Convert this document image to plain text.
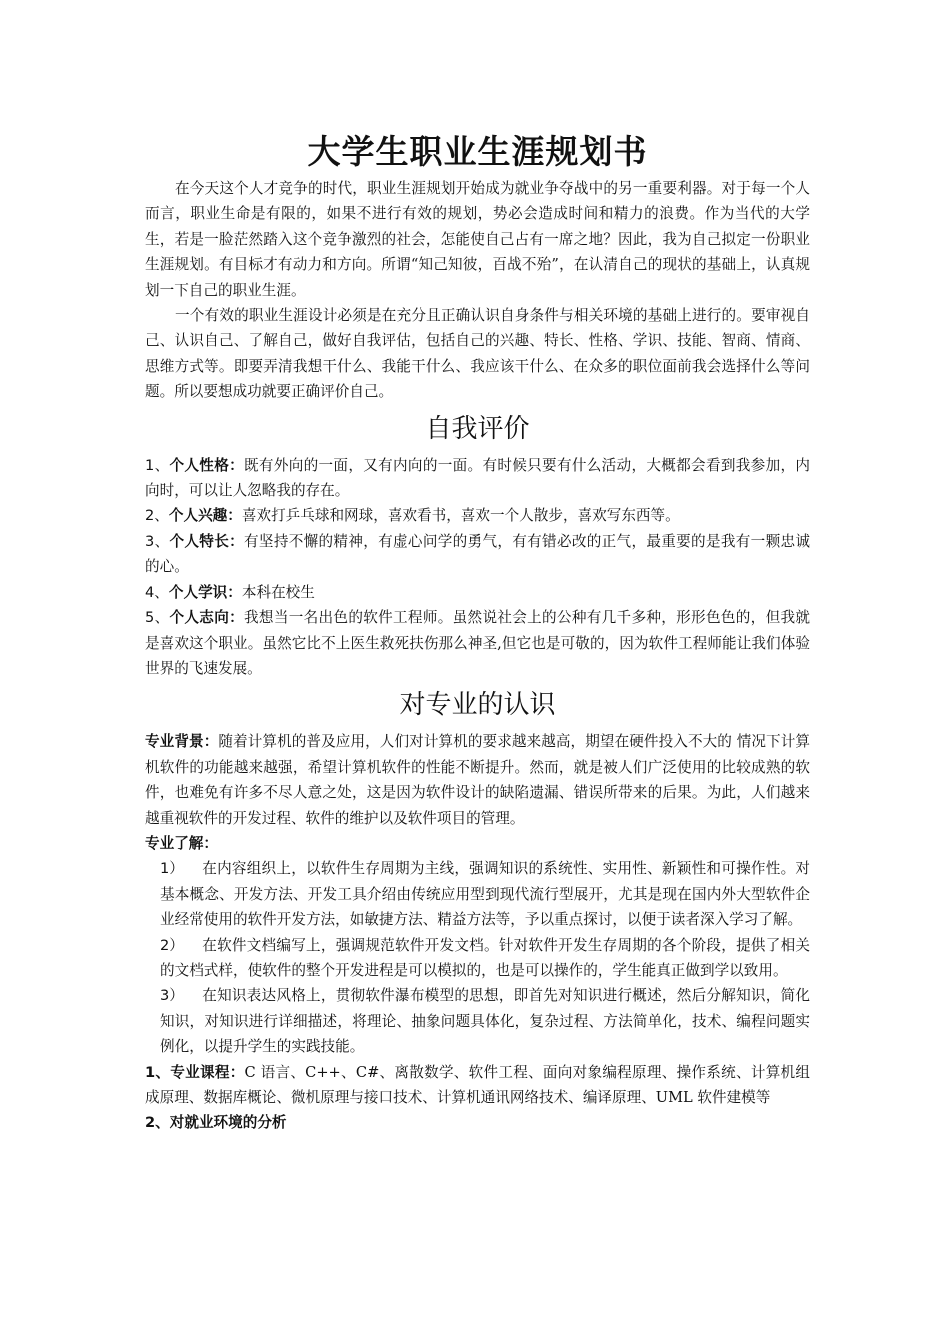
大学生职业生涯规划书

在今天这个人才竞争的时代，职业生涯规划开始成为就业争夺战中的另一重要利器。对于每一个人而言，职业生命是有限的，如果不进行有效的规划，势必会造成时间和精力的浪费。作为当代的大学生，若是一脸茫然踏入这个竞争激烈的社会，怎能使自己占有一席之地？因此，我为自己拟定一份职业生涯规划。有目标才有动力和方向。所谓“知己知彼，百战不殆”，在认清自己的现状的基础上，认真规划一下自己的职业生涯。

一个有效的职业生涯设计必须是在充分且正确认识自身条件与相关环境的基础上进行的。要审视自己、认识自己、了解自己，做好自我评估，包括自己的兴趣、特长、性格、学识、技能、智商、情商、思维方式等。即要弄清我想干什么、我能干什么、我应该干什么、在众多的职位面前我会选择什么等问题。所以要想成功就要正确评价自己。

自我评价

1、个人性格：既有外向的一面，又有内向的一面。有时候只要有什么活动，大概都会看到我参加，内向时，可以让人忽略我的存在。

2、个人兴趣：喜欢打乒乓球和网球，喜欢看书，喜欢一个人散步，喜欢写东西等。

3、个人特长：有坚持不懈的精神，有虚心问学的勇气，有有错必改的正气，最重要的是我有一颗忠诚的心。

4、个人学识：本科在校生

5、个人志向：我想当一名出色的软件工程师。虽然说社会上的公种有几千多种，形形色色的，但我就是喜欢这个职业。虽然它比不上医生救死扶伤那么神圣,但它也是可敬的，因为软件工程师能让我们体验世界的飞速发展。

对专业的认识

专业背景：随着计算机的普及应用，人们对计算机的要求越来越高，期望在硬件投入不大的 情况下计算机软件的功能越来越强，希望计算机软件的性能不断提升。然而，就是被人们广泛使用的比较成熟的软件，也难免有许多不尽人意之处，这是因为软件设计的缺陷遗漏、错误所带来的后果。为此，人们越来越重视软件的开发过程、软件的维护以及软件项目的管理。

专业了解：

1） 在内容组织上，以软件生存周期为主线，强调知识的系统性、实用性、新颖性和可操作性。对基本概念、开发方法、开发工具介绍由传统应用型到现代流行型展开，尤其是现在国内外大型软件企业经常使用的软件开发方法，如敏捷方法、精益方法等，予以重点探讨，以便于读者深入学习了解。

2） 在软件文档编写上，强调规范软件开发文档。针对软件开发生存周期的各个阶段，提供了相关的文档式样，使软件的整个开发进程是可以模拟的，也是可以操作的，学生能真正做到学以致用。

3） 在知识表达风格上，贯彻软件瀑布模型的思想，即首先对知识进行概述，然后分解知识，简化知识，对知识进行详细描述，将理论、抽象问题具体化，复杂过程、方法简单化，技术、编程问题实例化，以提升学生的实践技能。

1、专业课程：C 语言、C++、C#、离散数学、软件工程、面向对象编程原理、操作系统、计算机组成原理、数据库概论、微机原理与接口技术、计算机通讯网络技术、编译原理、UML 软件建模等

2、对就业环境的分析
